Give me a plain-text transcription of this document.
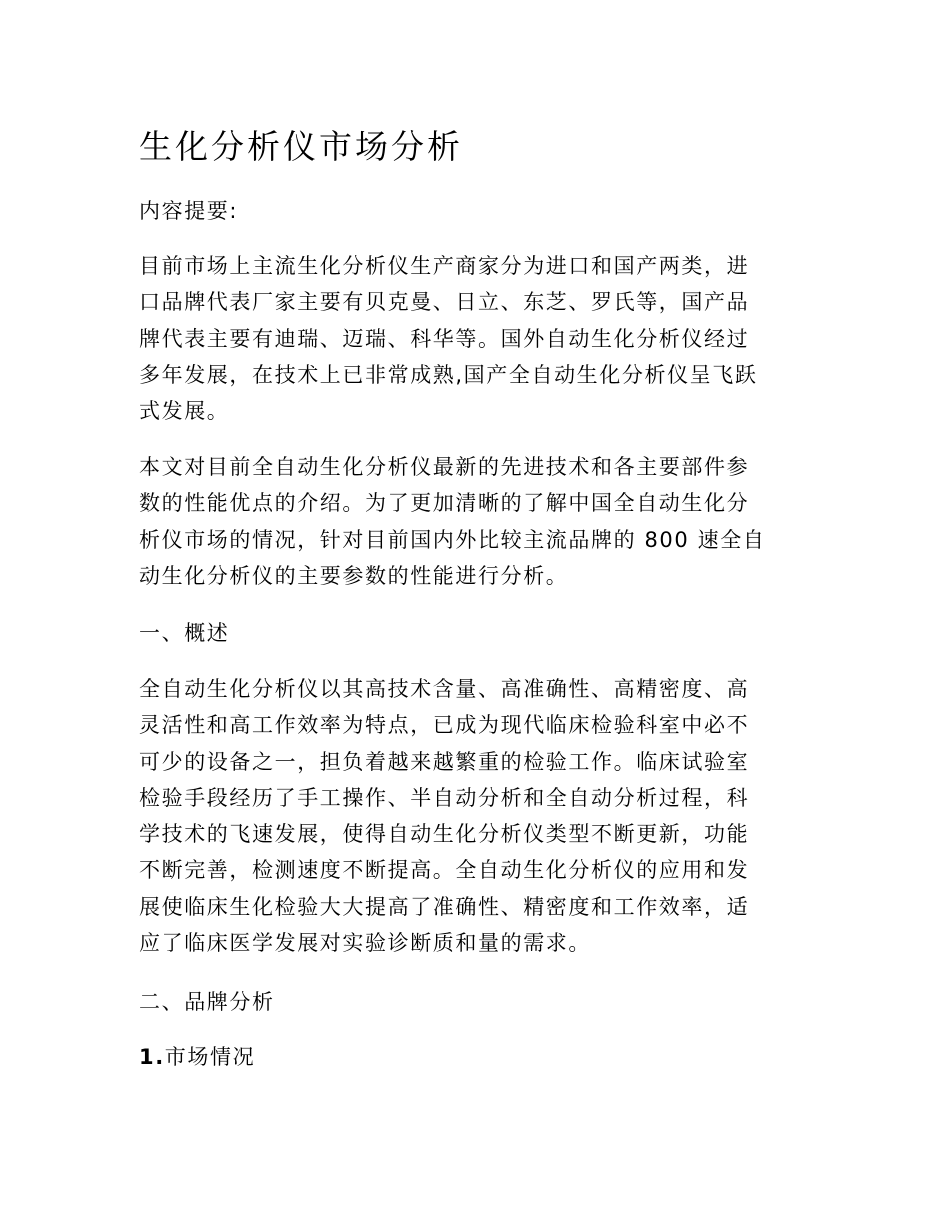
生化分析仪市场分析

内容提要:

目前市场上主流生化分析仪生产商家分为进口和国产两类，进
口品牌代表厂家主要有贝克曼、日立、东芝、罗氏等，国产品
牌代表主要有迪瑞、迈瑞、科华等。国外自动生化分析仪经过
多年发展，在技术上已非常成熟,国产全自动生化分析仪呈飞跃
式发展。

本文对目前全自动生化分析仪最新的先进技术和各主要部件参
数的性能优点的介绍。为了更加清晰的了解中国全自动生化分
析仪市场的情况，针对目前国内外比较主流品牌的 800 速全自
动生化分析仪的主要参数的性能进行分析。

一、概述

全自动生化分析仪以其高技术含量、高准确性、高精密度、高
灵活性和高工作效率为特点，已成为现代临床检验科室中必不
可少的设备之一，担负着越来越繁重的检验工作。临床试验室
检验手段经历了手工操作、半自动分析和全自动分析过程，科
学技术的飞速发展，使得自动生化分析仪类型不断更新，功能
不断完善，检测速度不断提高。全自动生化分析仪的应用和发
展使临床生化检验大大提高了准确性、精密度和工作效率，适
应了临床医学发展对实验诊断质和量的需求。

二、品牌分析

1.市场情况
